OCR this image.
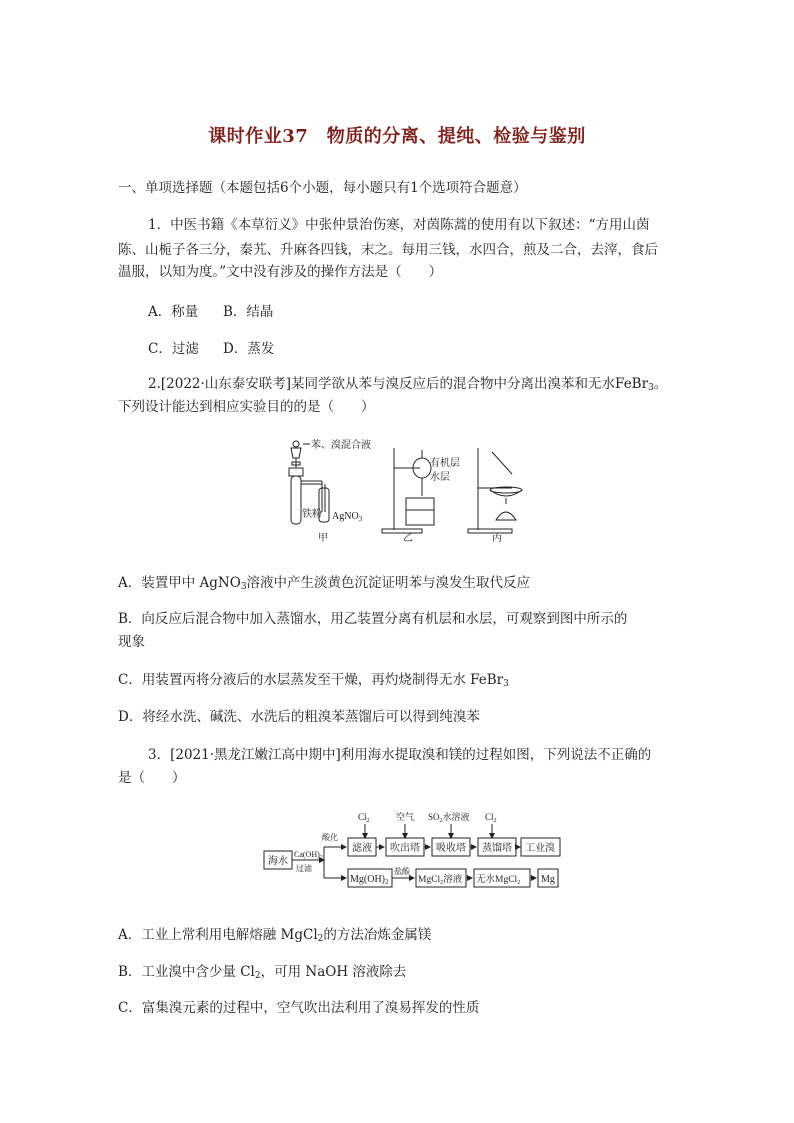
课时作业37　物质的分离、提纯、检验与鉴别
一、单项选择题（本题包括6个小题，每小题只有1个选项符合题意）
1．中医书籍《本草衍义》中张仲景治伤寒，对茵陈蒿的使用有以下叙述：“方用山茵
陈、山栀子各三分，秦艽、升麻各四钱，末之。每用三钱，水四合，煎及二合，去滓，食后
温服，以知为度。”文中没有涉及的操作方法是（　　）
A．称量 B．结晶
C．过滤 D．蒸发
2.[2022·山东泰安联考]某同学欲从苯与溴反应后的混合物中分离出溴苯和无水FeBr$_3$。
下列设计能达到相应实验目的的是（　　）
苯、溴混合液
铁粉 AgNO$_3$
甲
有机层
水层
乙	丙
A．装置甲中 AgNO$_3$溶液中产生淡黄色沉淀证明苯与溴发生取代反应
B．向反应后混合物中加入蒸馏水，用乙装置分离有机层和水层，可观察到图中所示的
现象
C．用装置丙将分液后的水层蒸发至干燥，再灼烧制得无水 FeBr$_3$
D．将经水洗、碱洗、水洗后的粗溴苯蒸馏后可以得到纯溴苯
3．[2021·黑龙江嫩江高中期中]利用海水提取溴和镁的过程如图，下列说法不正确的
是（　　）
海水
$Ca(OH)_2$
过滤
酸化
滤液 吹出塔 吸收塔 蒸馏塔 工业溴
$Cl_2$	空气 $SO_2$水溶液 $Cl_2$
$Mg(OH)_2$
盐酸
MgCl$_2$溶液 无水MgCl$_2$ Mg
A．工业上常利用电解熔融 MgCl$_2$的方法冶炼金属镁
B．工业溴中含少量 $Cl_2$，可用 NaOH 溶液除去
C．富集溴元素的过程中，空气吹出法利用了溴易挥发的性质
